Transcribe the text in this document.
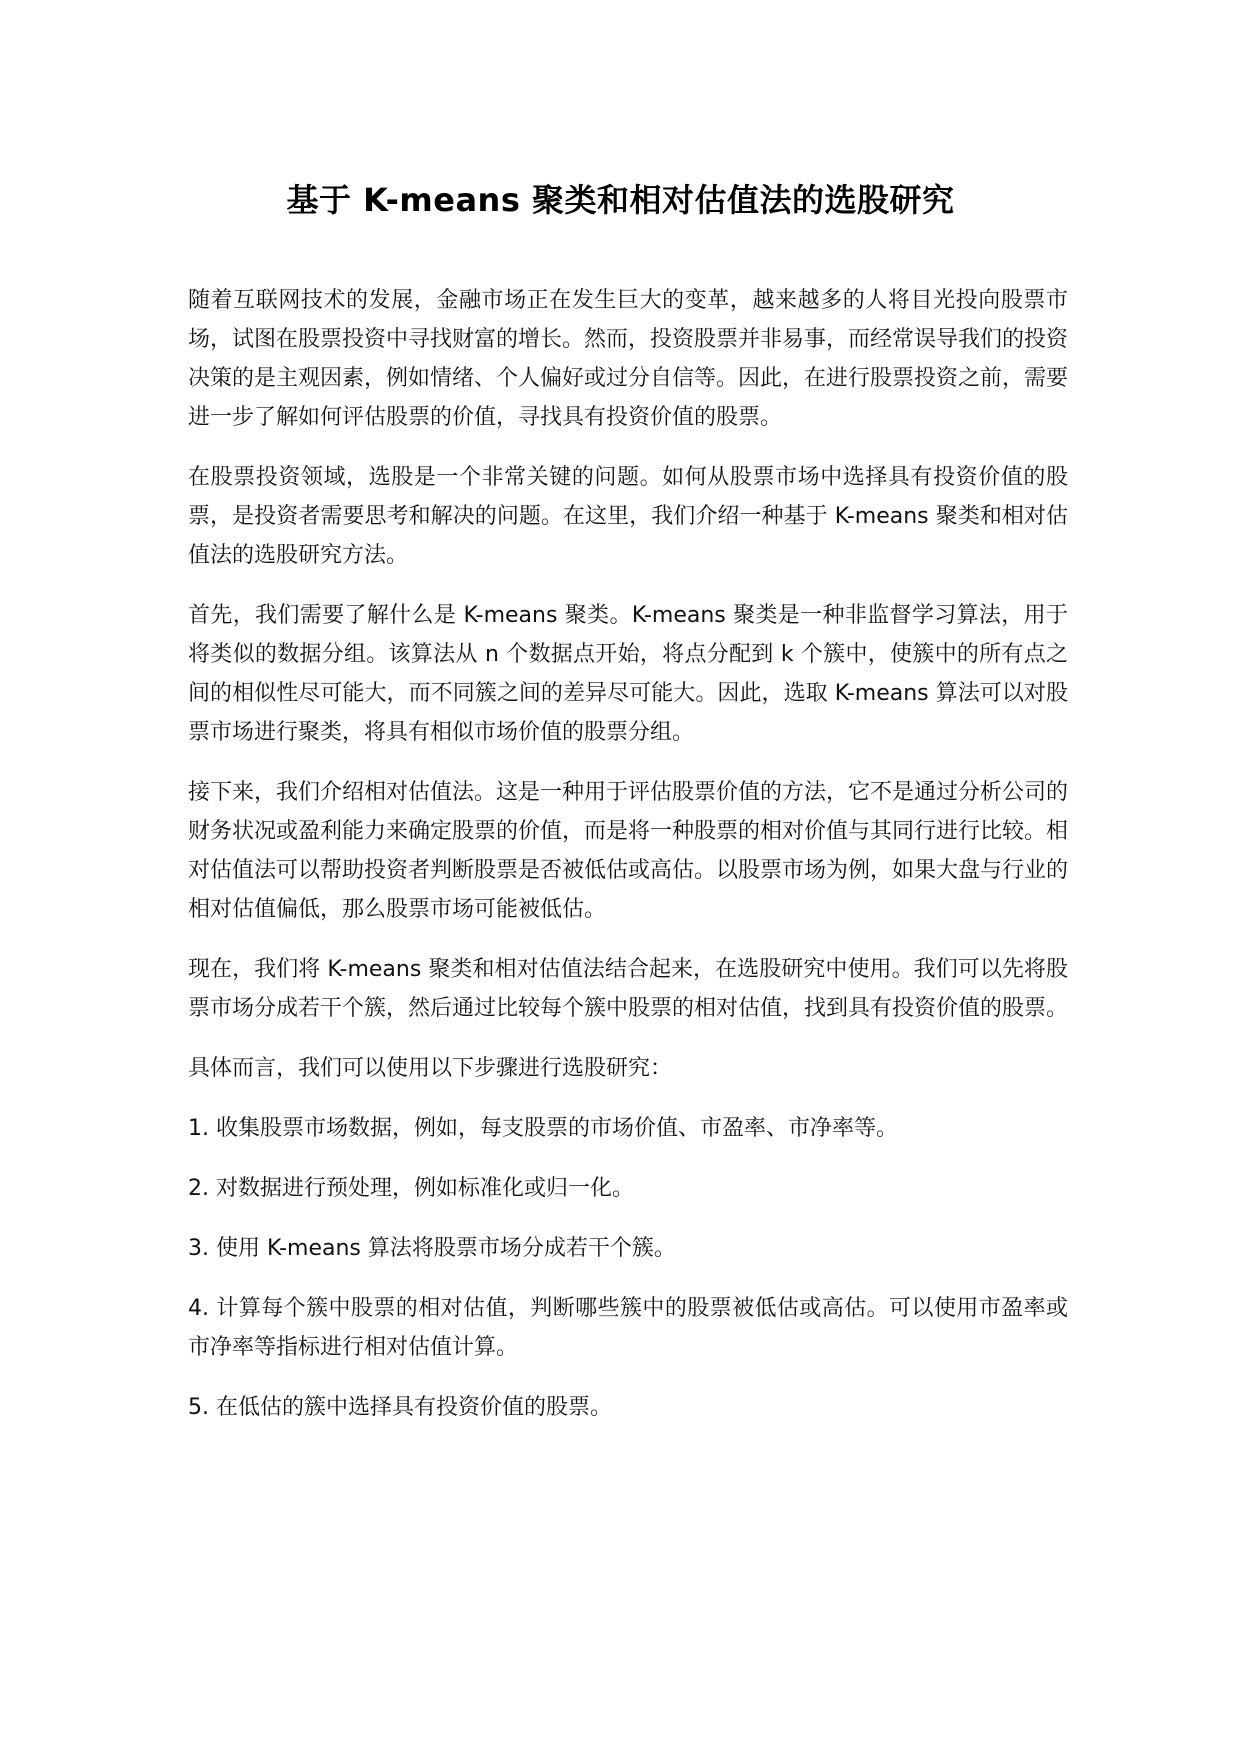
基于 K-means 聚类和相对估值法的选股研究

随着互联网技术的发展，金融市场正在发生巨大的变革，越来越多的人将目光投向股票市场，试图在股票投资中寻找财富的增长。然而，投资股票并非易事，而经常误导我们的投资决策的是主观因素，例如情绪、个人偏好或过分自信等。因此，在进行股票投资之前，需要进一步了解如何评估股票的价值，寻找具有投资价值的股票。

在股票投资领域，选股是一个非常关键的问题。如何从股票市场中选择具有投资价值的股票，是投资者需要思考和解决的问题。在这里，我们介绍一种基于 K-means 聚类和相对估值法的选股研究方法。

首先，我们需要了解什么是 K-means 聚类。K-means 聚类是一种非监督学习算法，用于将类似的数据分组。该算法从 n 个数据点开始，将点分配到 k 个簇中，使簇中的所有点之间的相似性尽可能大，而不同簇之间的差异尽可能大。因此，选取 K-means 算法可以对股票市场进行聚类，将具有相似市场价值的股票分组。

接下来，我们介绍相对估值法。这是一种用于评估股票价值的方法，它不是通过分析公司的财务状况或盈利能力来确定股票的价值，而是将一种股票的相对价值与其同行进行比较。相对估值法可以帮助投资者判断股票是否被低估或高估。以股票市场为例，如果大盘与行业的相对估值偏低，那么股票市场可能被低估。

现在，我们将 K-means 聚类和相对估值法结合起来，在选股研究中使用。我们可以先将股票市场分成若干个簇，然后通过比较每个簇中股票的相对估值，找到具有投资价值的股票。

具体而言，我们可以使用以下步骤进行选股研究：

1. 收集股票市场数据，例如，每支股票的市场价值、市盈率、市净率等。

2. 对数据进行预处理，例如标准化或归一化。

3. 使用 K-means 算法将股票市场分成若干个簇。

4. 计算每个簇中股票的相对估值，判断哪些簇中的股票被低估或高估。可以使用市盈率或市净率等指标进行相对估值计算。

5. 在低估的簇中选择具有投资价值的股票。
